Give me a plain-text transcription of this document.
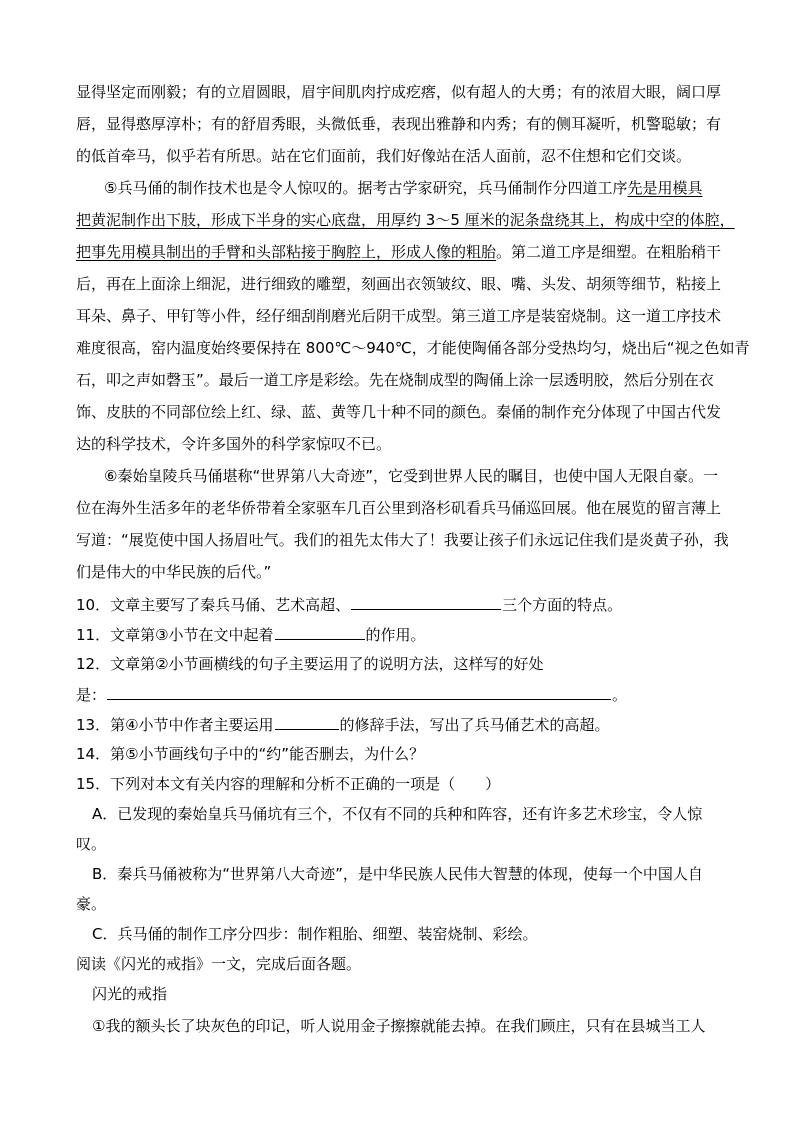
显得坚定而刚毅；有的立眉圆眼，眉宇间肌肉拧成疙瘩，似有超人的大勇；有的浓眉大眼，阔口厚
唇，显得憨厚淳朴；有的舒眉秀眼，头微低垂，表现出雅静和内秀；有的侧耳凝听，机警聪敏；有
的低首牵马，似乎若有所思。站在它们面前，我们好像站在活人面前，忍不住想和它们交谈。
⑤兵马俑的制作技术也是令人惊叹的。据考古学家研究，兵马俑制作分四道工序先是用模具
把黄泥制作出下肢，形成下半身的实心底盘，用厚约 3～5 厘米的泥条盘绕其上，构成中空的体腔，
把事先用模具制出的手臂和头部粘接于胸腔上，形成人像的粗胎。第二道工序是细塑。在粗胎稍干
后，再在上面涂上细泥，进行细致的雕塑，刻画出衣领皱纹、眼、嘴、头发、胡须等细节，粘接上
耳朵、鼻子、甲钉等小件，经仔细刮削磨光后阴干成型。第三道工序是装窑烧制。这一道工序技术
难度很高，窑内温度始终要保持在 800℃～940℃，才能使陶俑各部分受热均匀，烧出后“视之色如青
石，叩之声如磬玉”。最后一道工序是彩绘。先在烧制成型的陶俑上涂一层透明胶，然后分别在衣
饰、皮肤的不同部位绘上红、绿、蓝、黄等几十种不同的颜色。秦俑的制作充分体现了中国古代发
达的科学技术，令许多国外的科学家惊叹不已。
⑥秦始皇陵兵马俑堪称“世界第八大奇迹”，它受到世界人民的瞩目，也使中国人无限自豪。一
位在海外生活多年的老华侨带着全家驱车几百公里到洛杉矶看兵马俑巡回展。他在展览的留言薄上
写道：“展览使中国人扬眉吐气。我们的祖先太伟大了！我要让孩子们永远记住我们是炎黄子孙，我
们是伟大的中华民族的后代。”
10．文章主要写了秦兵马俑、艺术高超、	三个方面的特点。
11．文章第③小节在文中起着	的作用。
12．文章第②小节画横线的句子主要运用了的说明方法，这样写的好处
是：	。
13．第④小节中作者主要运用	的修辞手法，写出了兵马俑艺术的高超。
14．第⑤小节画线句子中的“约”能否删去，为什么？
15．下列对本文有关内容的理解和分析不正确的一项是（　　）
A．已发现的秦始皇兵马俑坑有三个，不仅有不同的兵种和阵容，还有许多艺术珍宝，令人惊
叹。
B．秦兵马俑被称为“世界第八大奇迹”，是中华民族人民伟大智慧的体现，使每一个中国人自
豪。
C．兵马俑的制作工序分四步：制作粗胎、细塑、装窑烧制、彩绘。
阅读《闪光的戒指》一文，完成后面各题。
闪光的戒指
①我的额头长了块灰色的印记，听人说用金子擦擦就能去掉。在我们顾庄，只有在县城当工人
